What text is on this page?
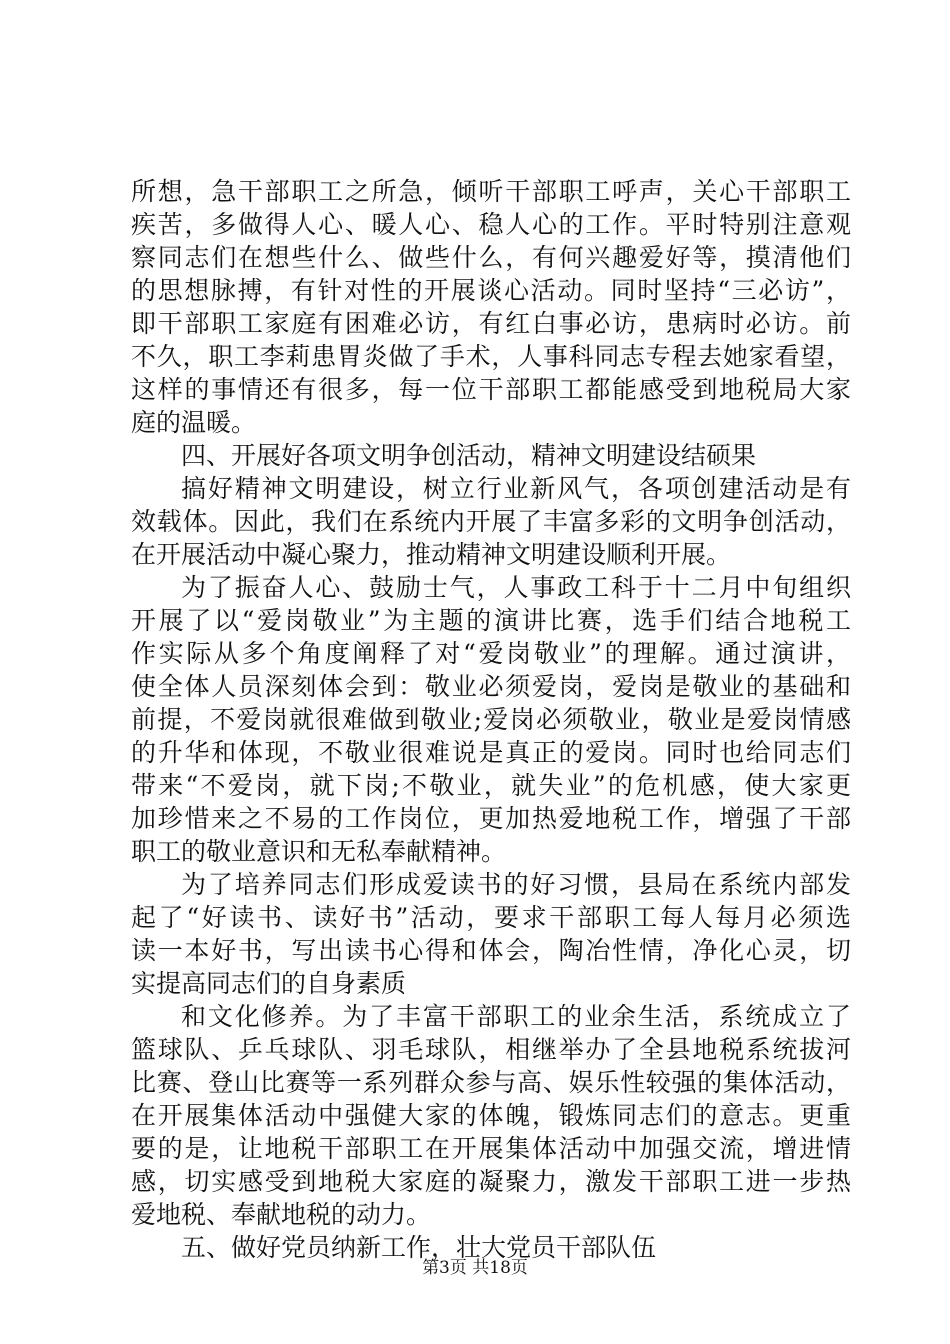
所想，急干部职工之所急，倾听干部职工呼声，关心干部职工
疾苦，多做得人心、暖人心、稳人心的工作。平时特别注意观
察同志们在想些什么、做些什么，有何兴趣爱好等，摸清他们
的思想脉搏，有针对性的开展谈心活动。同时坚持“三必访”，
即干部职工家庭有困难必访，有红白事必访，患病时必访。前
不久，职工李莉患胃炎做了手术，人事科同志专程去她家看望，
这样的事情还有很多，每一位干部职工都能感受到地税局大家
庭的温暖。
四、开展好各项文明争创活动，精神文明建设结硕果
搞好精神文明建设，树立行业新风气，各项创建活动是有
效载体。因此，我们在系统内开展了丰富多彩的文明争创活动，
在开展活动中凝心聚力，推动精神文明建设顺利开展。
为了振奋人心、鼓励士气，人事政工科于十二月中旬组织
开展了以“爱岗敬业”为主题的演讲比赛，选手们结合地税工
作实际从多个角度阐释了对“爱岗敬业”的理解。通过演讲，
使全体人员深刻体会到：敬业必须爱岗，爱岗是敬业的基础和
前提，不爱岗就很难做到敬业;爱岗必须敬业，敬业是爱岗情感
的升华和体现，不敬业很难说是真正的爱岗。同时也给同志们
带来“不爱岗，就下岗;不敬业，就失业”的危机感，使大家更
加珍惜来之不易的工作岗位，更加热爱地税工作，增强了干部
职工的敬业意识和无私奉献精神。
为了培养同志们形成爱读书的好习惯，县局在系统内部发
起了“好读书、读好书”活动，要求干部职工每人每月必须选
读一本好书，写出读书心得和体会，陶冶性情，净化心灵，切
实提高同志们的自身素质
和文化修养。为了丰富干部职工的业余生活，系统成立了
篮球队、乒乓球队、羽毛球队，相继举办了全县地税系统拔河
比赛、登山比赛等一系列群众参与高、娱乐性较强的集体活动，
在开展集体活动中强健大家的体魄，锻炼同志们的意志。更重
要的是，让地税干部职工在开展集体活动中加强交流，增进情
感，切实感受到地税大家庭的凝聚力，激发干部职工进一步热
爱地税、奉献地税的动力。
五、做好党员纳新工作，壮大党员干部队伍
第3页 共18页
